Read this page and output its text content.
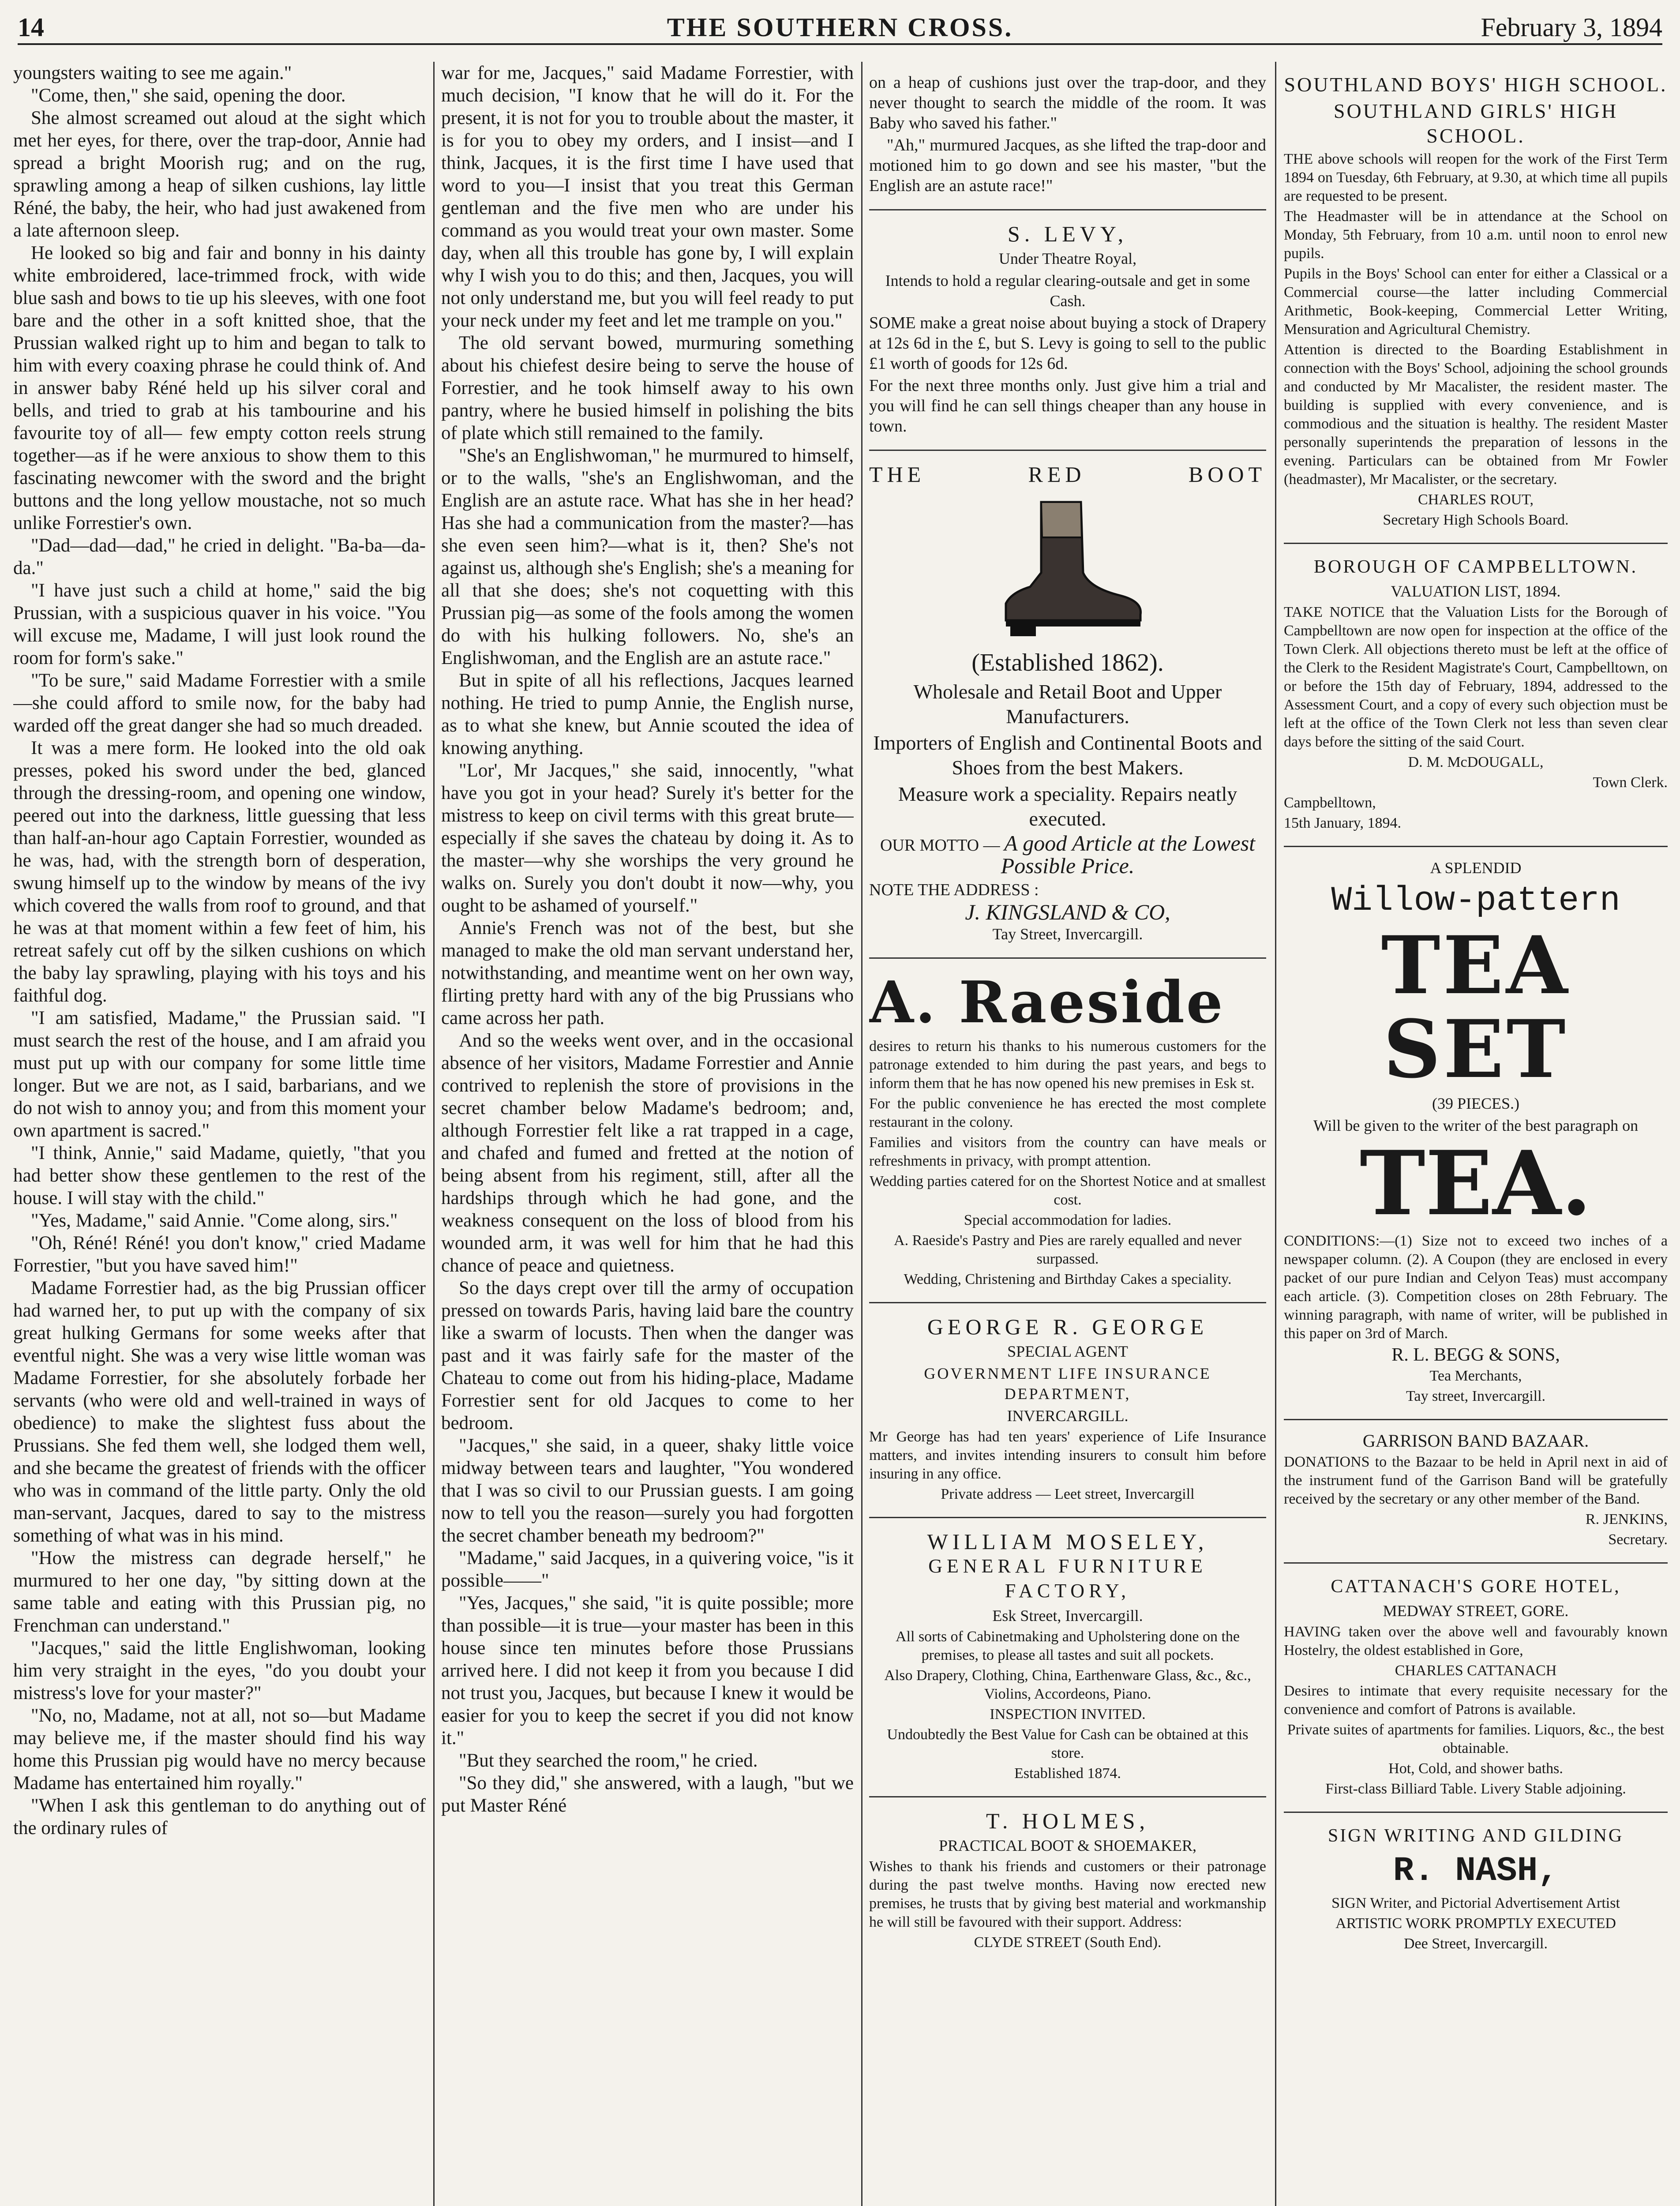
14	THE SOUTHERN CROSS.	February 3, 1894

youngsters waiting to see me again."

"Come, then," she said, opening the door.

She almost screamed out aloud at the sight which met her eyes, for there, over the trap-door, Annie had spread a bright Moorish rug; and on the rug, sprawling among a heap of silken cushions, lay little Réné, the baby, the heir, who had just awakened from a late afternoon sleep.

He looked so big and fair and bonny in his dainty white embroidered, lace-trimmed frock, with wide blue sash and bows to tie up his sleeves, with one foot bare and the other in a soft knitted shoe, that the Prussian walked right up to him and began to talk to him with every coaxing phrase he could think of. And in answer baby Réné held up his silver coral and bells, and tried to grab at his tambourine and his favourite toy of all— few empty cotton reels strung together—as if he were anxious to show them to this fascinating newcomer with the sword and the bright buttons and the long yellow moustache, not so much unlike Forrestier's own.

"Dad—dad—dad," he cried in delight. "Ba-ba—da-da."

"I have just such a child at home," said the big Prussian, with a suspicious quaver in his voice. "You will excuse me, Madame, I will just look round the room for form's sake."

"To be sure," said Madame Forrestier with a smile—she could afford to smile now, for the baby had warded off the great danger she had so much dreaded.

It was a mere form. He looked into the old oak presses, poked his sword under the bed, glanced through the dressing-room, and opening one window, peered out into the darkness, little guessing that less than half-an-hour ago Captain Forrestier, wounded as he was, had, with the strength born of desperation, swung himself up to the window by means of the ivy which covered the walls from roof to ground, and that he was at that moment within a few feet of him, his retreat safely cut off by the silken cushions on which the baby lay sprawling, playing with his toys and his faithful dog.

"I am satisfied, Madame," the Prussian said. "I must search the rest of the house, and I am afraid you must put up with our company for some little time longer. But we are not, as I said, barbarians, and we do not wish to annoy you; and from this moment your own apartment is sacred."

"I think, Annie," said Madame, quietly, "that you had better show these gentlemen to the rest of the house. I will stay with the child."

"Yes, Madame," said Annie. "Come along, sirs."

"Oh, Réné! Réné! you don't know," cried Madame Forrestier, "but you have saved him!"

Madame Forrestier had, as the big Prussian officer had warned her, to put up with the company of six great hulking Germans for some weeks after that eventful night. She was a very wise little woman was Madame Forrestier, for she absolutely forbade her servants (who were old and well-trained in ways of obedience) to make the slightest fuss about the Prussians. She fed them well, she lodged them well, and she became the greatest of friends with the officer who was in command of the little party. Only the old man-servant, Jacques, dared to say to the mistress something of what was in his mind.

"How the mistress can degrade herself," he murmured to her one day, "by sitting down at the same table and eating with this Prussian pig, no Frenchman can understand."

"Jacques," said the little Englishwoman, looking him very straight in the eyes, "do you doubt your mistress's love for your master?"

"No, no, Madame, not at all, not so—but Madame may believe me, if the master should find his way home this Prussian pig would have no mercy because Madame has entertained him royally."

"When I ask this gentleman to do anything out of the ordinary rules of

war for me, Jacques," said Madame Forrestier, with much decision, "I know that he will do it. For the present, it is not for you to trouble about the master, it is for you to obey my orders, and I insist—and I think, Jacques, it is the first time I have used that word to you—I insist that you treat this German gentleman and the five men who are under his command as you would treat your own master. Some day, when all this trouble has gone by, I will explain why I wish you to do this; and then, Jacques, you will not only understand me, but you will feel ready to put your neck under my feet and let me trample on you."

The old servant bowed, murmuring something about his chiefest desire being to serve the house of Forrestier, and he took himself away to his own pantry, where he busied himself in polishing the bits of plate which still remained to the family.

"She's an Englishwoman," he murmured to himself, or to the walls, "she's an Englishwoman, and the English are an astute race. What has she in her head? Has she had a communication from the master?—has she even seen him?—what is it, then? She's not against us, although she's English; she's a meaning for all that she does; she's not coquetting with this Prussian pig—as some of the fools among the women do with his hulking followers. No, she's an Englishwoman, and the English are an astute race."

But in spite of all his reflections, Jacques learned nothing. He tried to pump Annie, the English nurse, as to what she knew, but Annie scouted the idea of knowing anything.

"Lor', Mr Jacques," she said, innocently, "what have you got in your head? Surely it's better for the mistress to keep on civil terms with this great brute—especially if she saves the chateau by doing it. As to the master—why she worships the very ground he walks on. Surely you don't doubt it now—why, you ought to be ashamed of yourself."

Annie's French was not of the best, but she managed to make the old man servant understand her, notwithstanding, and meantime went on her own way, flirting pretty hard with any of the big Prussians who came across her path.

And so the weeks went over, and in the occasional absence of her visitors, Madame Forrestier and Annie contrived to replenish the store of provisions in the secret chamber below Madame's bedroom; and, although Forrestier felt like a rat trapped in a cage, and chafed and fumed and fretted at the notion of being absent from his regiment, still, after all the hardships through which he had gone, and the weakness consequent on the loss of blood from his wounded arm, it was well for him that he had this chance of peace and quietness.

So the days crept over till the army of occupation pressed on towards Paris, having laid bare the country like a swarm of locusts. Then when the danger was past and it was fairly safe for the master of the Chateau to come out from his hiding-place, Madame Forrestier sent for old Jacques to come to her bedroom.

"Jacques," she said, in a queer, shaky little voice midway between tears and laughter, "You wondered that I was so civil to our Prussian guests. I am going now to tell you the reason—surely you had forgotten the secret chamber beneath my bedroom?"

"Madame," said Jacques, in a quivering voice, "is it possible——"

"Yes, Jacques," she said, "it is quite possible; more than possible—it is true—your master has been in this house since ten minutes before those Prussians arrived here. I did not keep it from you because I did not trust you, Jacques, but because I knew it would be easier for you to keep the secret if you did not know it."

"But they searched the room," he cried.

"So they did," she answered, with a laugh, "but we put Master Réné

on a heap of cushions just over the trap-door, and they never thought to search the middle of the room. It was Baby who saved his father."

"Ah," murmured Jacques, as she lifted the trap-door and motioned him to go down and see his master, "but the English are an astute race!"

S. LEVY,

Under Theatre Royal,

Intends to hold a regular clearing-outsale and get in some Cash.

SOME make a great noise about buying a stock of Drapery at 12s 6d in the £, but S. Levy is going to sell to the public £1 worth of goods for 12s 6d.

For the next three months only. Just give him a trial and you will find he can sell things cheaper than any house in town.

THE RED BOOT

(Established 1862).

Wholesale and Retail Boot and Upper Manufacturers.

Importers of English and Continental Boots and Shoes from the best Makers.

Measure work a speciality. Repairs neatly executed.

OUR MOTTO — A good Article at the Lowest Possible Price.

NOTE THE ADDRESS :

J. KINGSLAND & CO,

Tay Street, Invercargill.

A. Raeside

desires to return his thanks to his numerous customers for the patronage extended to him during the past years, and begs to inform them that he has now opened his new premises in Esk st.

For the public convenience he has erected the most complete restaurant in the colony.

Families and visitors from the country can have meals or refreshments in privacy, with prompt attention.

Wedding parties catered for on the Shortest Notice and at smallest cost.

Special accommodation for ladies.

A. Raeside's Pastry and Pies are rarely equalled and never surpassed.

Wedding, Christening and Birthday Cakes a speciality.

GEORGE R. GEORGE

SPECIAL AGENT

GOVERNMENT LIFE INSURANCE DEPARTMENT,

INVERCARGILL.

Mr George has had ten years' experience of Life Insurance matters, and invites intending insurers to consult him before insuring in any office.

Private address — Leet street, Invercargill

WILLIAM MOSELEY,

GENERAL FURNITURE

FACTORY,

Esk Street, Invercargill.

All sorts of Cabinetmaking and Upholstering done on the premises, to please all tastes and suit all pockets.

Also Drapery, Clothing, China, Earthenware Glass, &c., &c., Violins, Accordeons, Piano.

INSPECTION INVITED.

Undoubtedly the Best Value for Cash can be obtained at this store.

Established 1874.

T. HOLMES,

PRACTICAL BOOT & SHOEMAKER,

Wishes to thank his friends and customers or their patronage during the past twelve months. Having now erected new premises, he trusts that by giving best material and workmanship he will still be favoured with their support. Address:

CLYDE STREET (South End).

SOUTHLAND BOYS' HIGH SCHOOL.

SOUTHLAND GIRLS' HIGH SCHOOL.

THE above schools will reopen for the work of the First Term 1894 on Tuesday, 6th February, at 9.30, at which time all pupils are requested to be present.

The Headmaster will be in attendance at the School on Monday, 5th February, from 10 a.m. until noon to enrol new pupils.

Pupils in the Boys' School can enter for either a Classical or a Commercial course—the latter including Commercial Arithmetic, Book-keeping, Commercial Letter Writing, Mensuration and Agricultural Chemistry.

Attention is directed to the Boarding Establishment in connection with the Boys' School, adjoining the school grounds and conducted by Mr Macalister, the resident master. The building is supplied with every convenience, and is commodious and the situation is healthy. The resident Master personally superintends the preparation of lessons in the evening. Particulars can be obtained from Mr Fowler (headmaster), Mr Macalister, or the secretary.

CHARLES ROUT,

Secretary High Schools Board.

BOROUGH OF CAMPBELLTOWN.

VALUATION LIST, 1894.

TAKE NOTICE that the Valuation Lists for the Borough of Campbelltown are now open for inspection at the office of the Town Clerk. All objections thereto must be left at the office of the Clerk to the Resident Magistrate's Court, Campbelltown, on or before the 15th day of February, 1894, addressed to the Assessment Court, and a copy of every such objection must be left at the office of the Town Clerk not less than seven clear days before the sitting of the said Court.

D. M. McDOUGALL,

Town Clerk.

Campbelltown,

15th January, 1894.

A SPLENDID

Willow-pattern

TEA SET

(39 PIECES.)

Will be given to the writer of the best paragraph on

TEA.

CONDITIONS:—(1) Size not to exceed two inches of a newspaper column. (2). A Coupon (they are enclosed in every packet of our pure Indian and Celyon Teas) must accompany each article. (3). Competition closes on 28th February. The winning paragraph, with name of writer, will be published in this paper on 3rd of March.

R. L. BEGG & SONS,

Tea Merchants,

Tay street, Invercargill.

GARRISON BAND BAZAAR.

DONATIONS to the Bazaar to be held in April next in aid of the instrument fund of the Garrison Band will be gratefully received by the secretary or any other member of the Band.

R. JENKINS,

Secretary.

CATTANACH'S GORE HOTEL,

MEDWAY STREET, GORE.

HAVING taken over the above well and favourably known Hostelry, the oldest established in Gore,

CHARLES CATTANACH

Desires to intimate that every requisite necessary for the convenience and comfort of Patrons is available.

Private suites of apartments for families. Liquors, &c., the best obtainable.

Hot, Cold, and shower baths.

First-class Billiard Table. Livery Stable adjoining.

SIGN WRITING AND GILDING

R. NASH,

SIGN Writer, and Pictorial Advertisement Artist

ARTISTIC WORK PROMPTLY EXECUTED

Dee Street, Invercargill.
